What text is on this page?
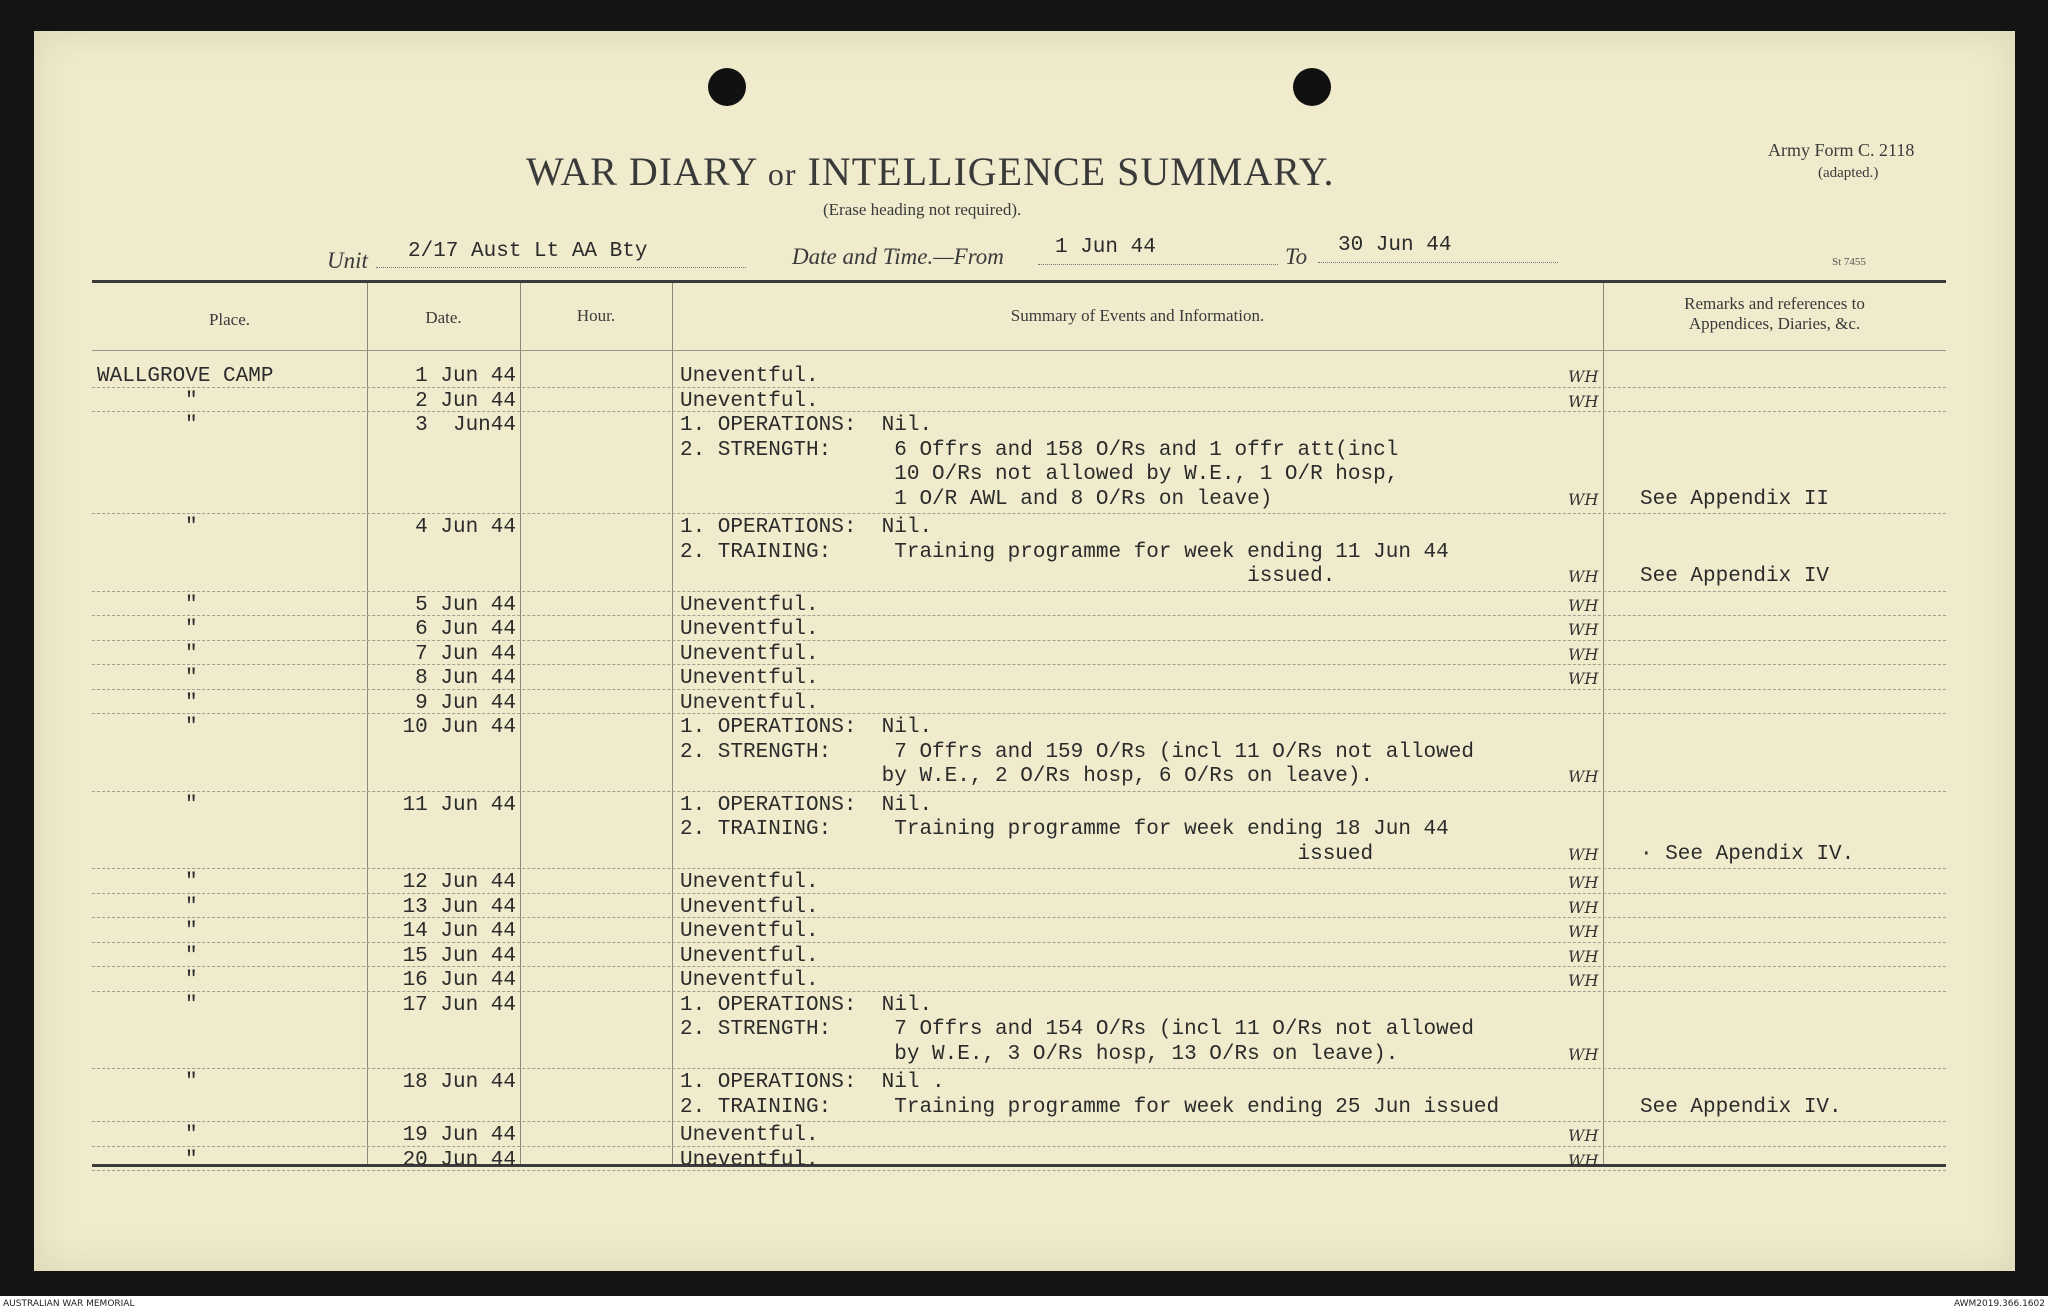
WAR DIARY or INTELLIGENCE SUMMARY.
(Erase heading not required).
Army Form C. 2118
(adapted.)
St 7455
Unit 2/17 Aust Lt AA Bty	Date and Time.—From 1 Jun 44	To 30 Jun 44
Place.	Date.	Hour.	Summary of Events and Information.
Remarks and references to
Appendices, Diaries, &c.
WALLGROVE CAMP	1 Jun 44	Uneventful.	WH
"	2 Jun 44	Uneventful.	WH
"	3  Jun44	1. OPERATIONS:  Nil.
2. STRENGTH:     6 Offrs and 158 O/Rs and 1 offr att(incl
10 O/Rs not allowed by W.E., 1 O/R hosp,
1 O/R AWL and 8 O/Rs on leave)	WH See Appendix II
"	4 Jun 44	1. OPERATIONS:  Nil.
2. TRAINING:     Training programme for week ending 11 Jun 44
issued.	WH See Appendix IV
"	5 Jun 44	Uneventful.	WH
"	6 Jun 44	Uneventful.	WH
"	7 Jun 44	Uneventful.	WH
"	8 Jun 44	Uneventful.	WH
"	9 Jun 44	Uneventful.
"	10 Jun 44	1. OPERATIONS:  Nil.
2. STRENGTH:     7 Offrs and 159 O/Rs (incl 11 O/Rs not allowed
by W.E., 2 O/Rs hosp, 6 O/Rs on leave).	WH
"	11 Jun 44	1. OPERATIONS:  Nil.
2. TRAINING:     Training programme for week ending 18 Jun 44
issued	WH · See Apendix IV.
"	12 Jun 44	Uneventful.	WH
"	13 Jun 44	Uneventful.	WH
"	14 Jun 44	Uneventful.	WH
"	15 Jun 44	Uneventful.	WH
"	16 Jun 44	Uneventful.	WH
"	17 Jun 44	1. OPERATIONS:  Nil.
2. STRENGTH:     7 Offrs and 154 O/Rs (incl 11 O/Rs not allowed
by W.E., 3 O/Rs hosp, 13 O/Rs on leave).	WH
"	18 Jun 44	1. OPERATIONS:  Nil .
2. TRAINING:     Training programme for week ending 25 Jun issued	See Appendix IV.
"	19 Jun 44	Uneventful.	WH
"	20 Jun 44	Uneventful.	WH
AUSTRALIAN WAR MEMORIAL	AWM2019.366.1602
